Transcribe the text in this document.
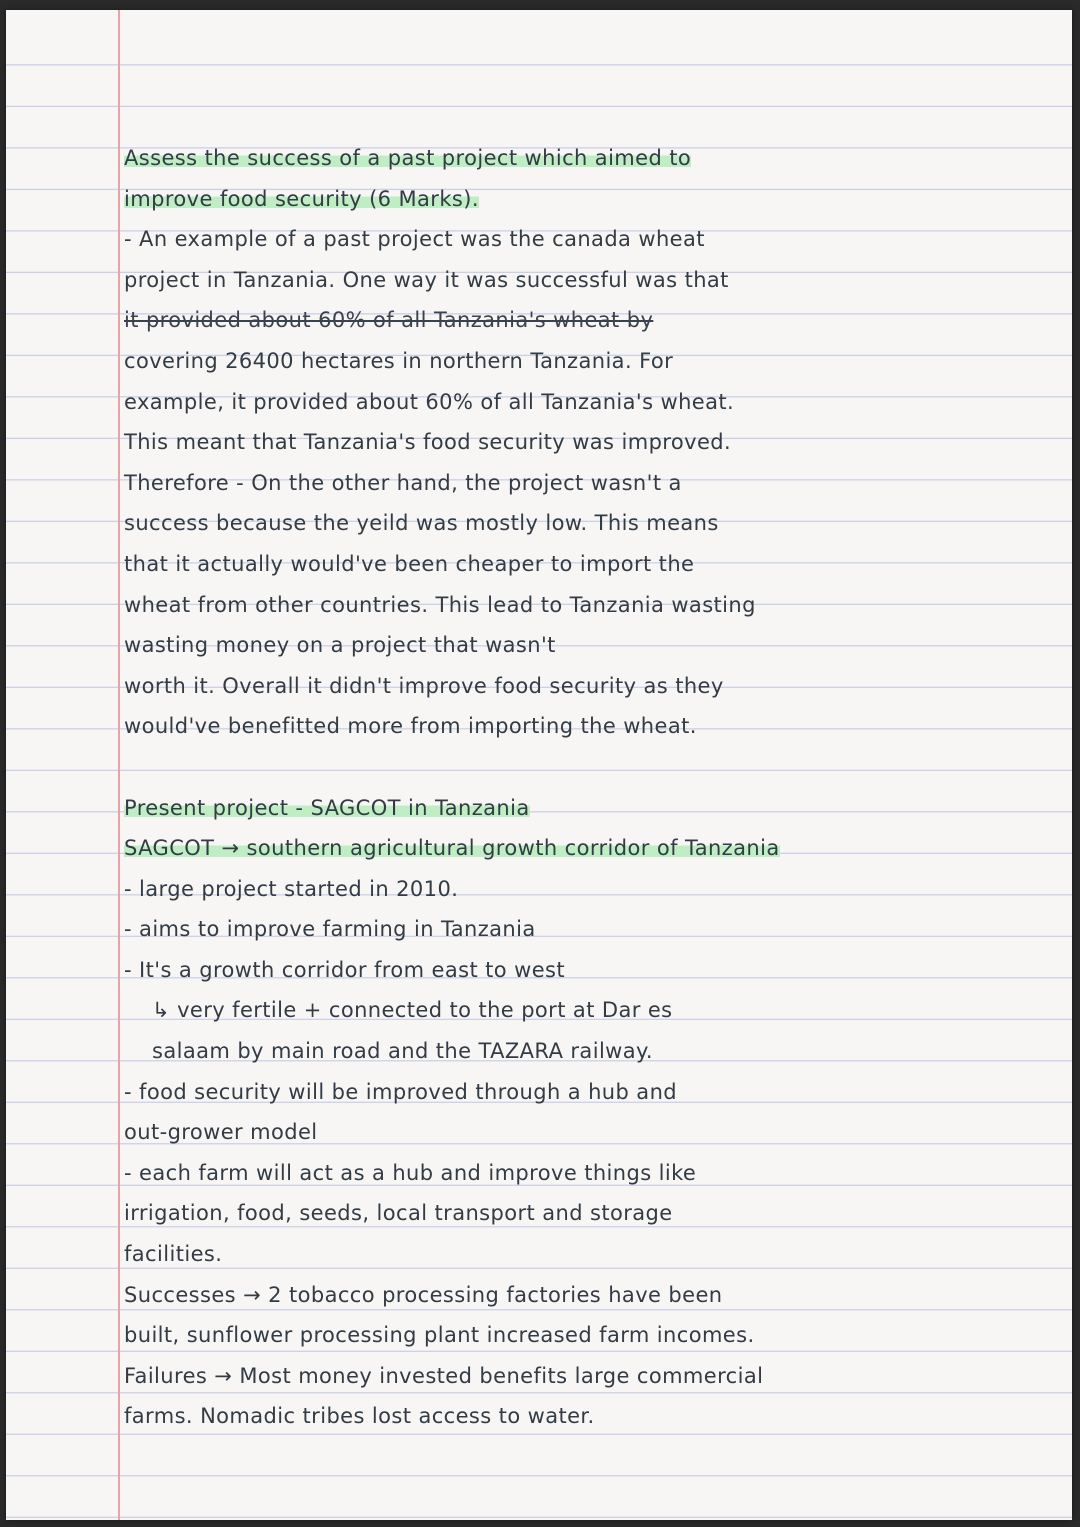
Assess the success of a past project which aimed to
improve food security (6 Marks).
- An example of a past project was the canada wheat
project in Tanzania. One way it was successful was that
it provided about 60% of all Tanzania's wheat by
covering 26400 hectares in northern Tanzania. For
example, it provided about 60% of all Tanzania's wheat.
This meant that Tanzania's food security was improved.
Therefore - On the other hand, the project wasn't a
success because the yeild was mostly low. This means
that it actually would've been cheaper to import the
wheat from other countries. This lead to Tanzania wasting
wasting money on a project that wasn't
worth it. Overall it didn't improve food security as they
would've benefitted more from importing the wheat.
Present project - SAGCOT in Tanzania
SAGCOT → southern agricultural growth corridor of Tanzania
- large project started in 2010.
- aims to improve farming in Tanzania
- It's a growth corridor from east to west
↳ very fertile + connected to the port at Dar es
salaam by main road and the TAZARA railway.
- food security will be improved through a hub and
out-grower model
- each farm will act as a hub and improve things like
irrigation, food, seeds, local transport and storage
facilities.
Successes → 2 tobacco processing factories have been
built, sunflower processing plant increased farm incomes.
Failures → Most money invested benefits large commercial
farms. Nomadic tribes lost access to water.
